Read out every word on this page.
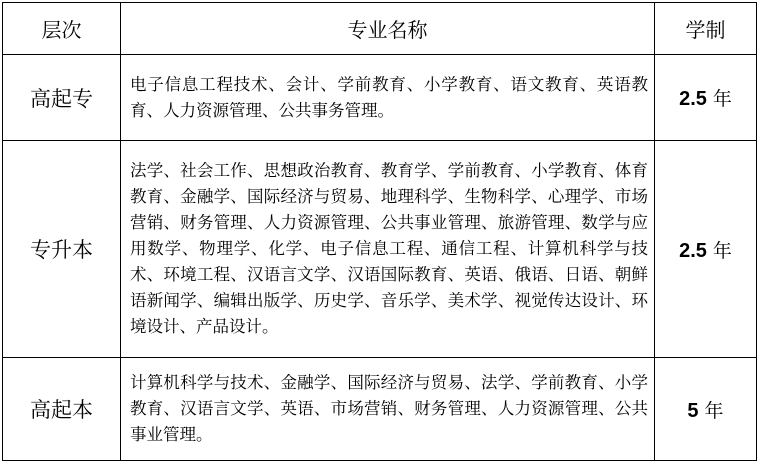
层次	专业名称	学制
高起专	电子信息工程技术、会计、学前教育、小学教育、语文教育、英语教育、人力资源管理、公共事务管理。	2.5 年
专升本	法学、社会工作、思想政治教育、教育学、学前教育、小学教育、体育教育、金融学、国际经济与贸易、地理科学、生物科学、心理学、市场营销、财务管理、人力资源管理、公共事业管理、旅游管理、数学与应用数学、物理学、化学、电子信息工程、通信工程、计算机科学与技术、环境工程、汉语言文学、汉语国际教育、英语、俄语、日语、朝鲜语新闻学、编辑出版学、历史学、音乐学、美术学、视觉传达设计、环境设计、产品设计。	2.5 年
高起本	计算机科学与技术、金融学、国际经济与贸易、法学、学前教育、小学教育、汉语言文学、英语、市场营销、财务管理、人力资源管理、公共事业管理。	5 年
